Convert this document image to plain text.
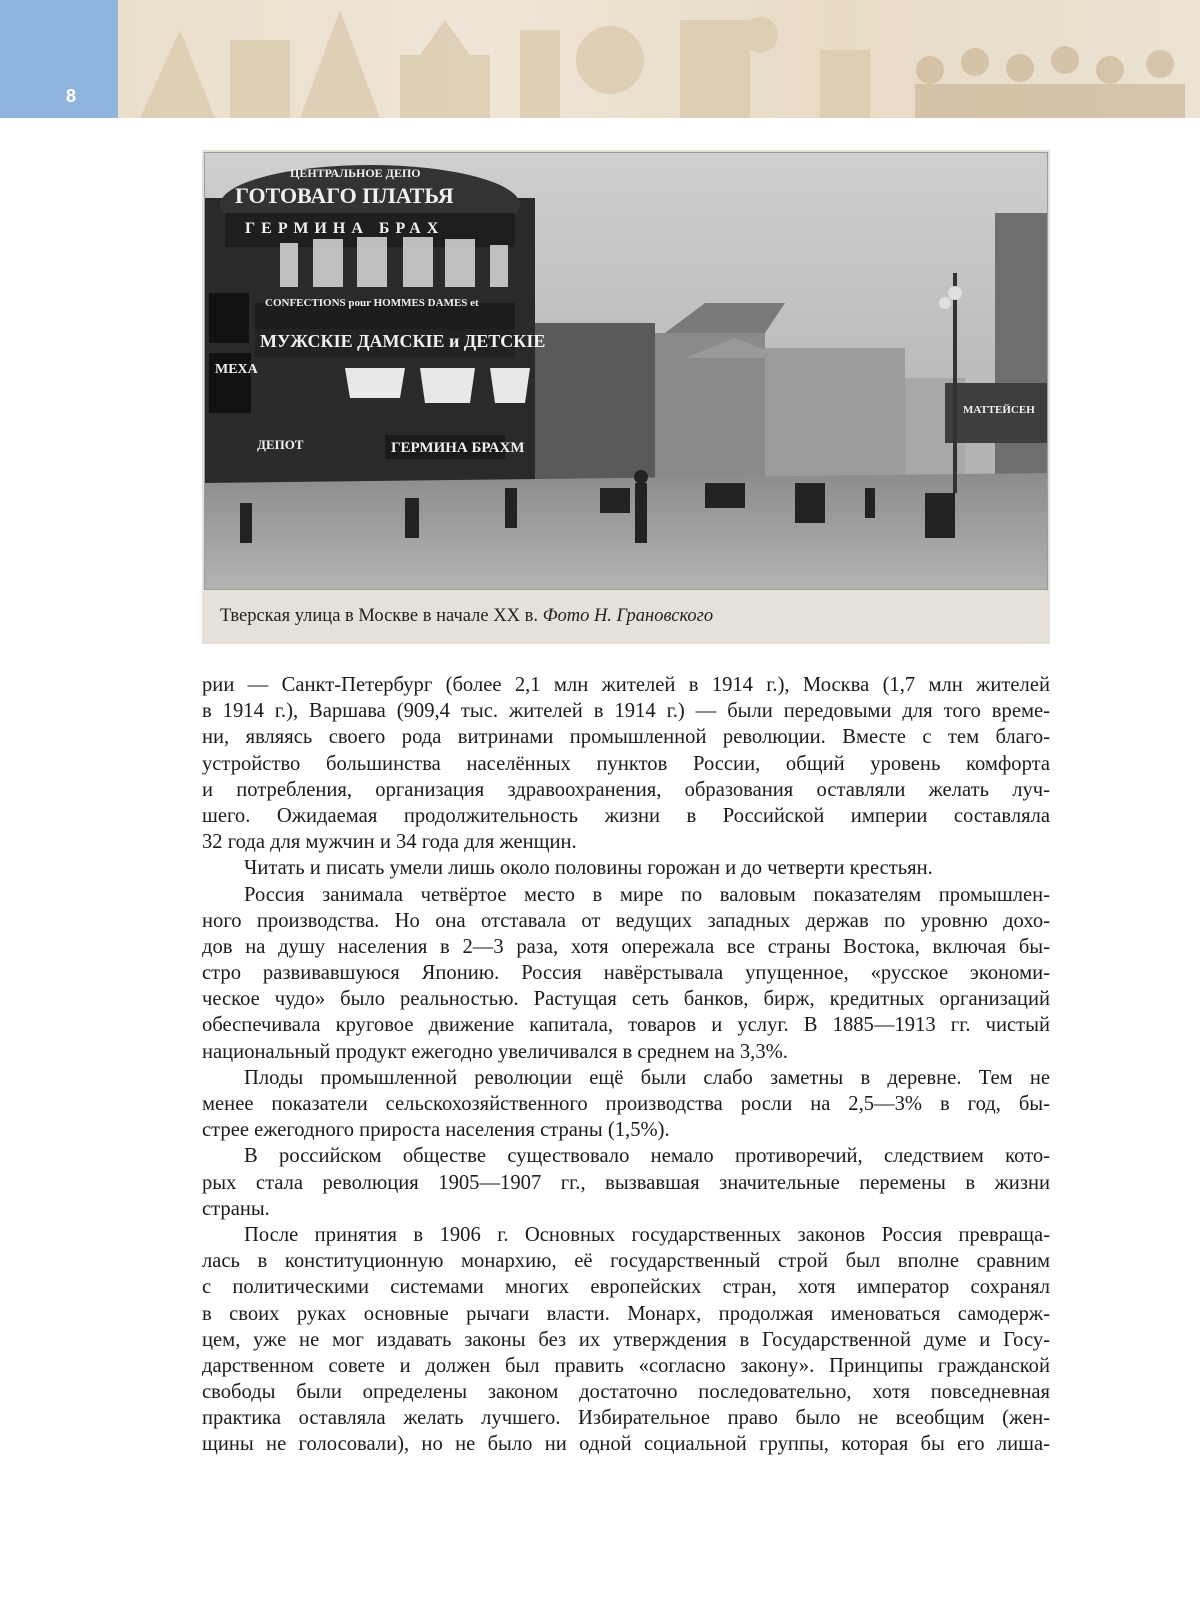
8
ЦЕНТРАЛЬНОЕ ДЕПО
ГОТОВАГО ПЛАТЬЯ
ГЕРМИНА БРАХ
CONFECTIONS pour HOMMES DAMES et
МУЖСКIЕ ДАМСКIЕ и ДЕТСКIЕ
МЕХА
ГЕРМИНА БРАХМ
ДЕПОТ
МАТТЕЙСЕН
Тверская улица в Москве в начале XX в. Фото Н. Грановского
рии — Санкт-Петербург (более 2,1 млн жителей в 1914 г.), Москва (1,7 млн жителей
в 1914 г.), Варшава (909,4 тыс. жителей в 1914 г.) — были передовыми для того време-
ни, являясь своего рода витринами промышленной революции. Вместе с тем благо-
устройство большинства населённых пунктов России, общий уровень комфорта
и потребления, организация здравоохранения, образования оставляли желать луч-
шего. Ожидаемая продолжительность жизни в Российской империи составляла
32 года для мужчин и 34 года для женщин.
Читать и писать умели лишь около половины горожан и до четверти крестьян.
Россия занимала четвёртое место в мире по валовым показателям промышлен-
ного производства. Но она отставала от ведущих западных держав по уровню дохо-
дов на душу населения в 2—3 раза, хотя опережала все страны Востока, включая бы-
стро развивавшуюся Японию. Россия навёрстывала упущенное, «русское экономи-
ческое чудо» было реальностью. Растущая сеть банков, бирж, кредитных организаций
обеспечивала круговое движение капитала, товаров и услуг. В 1885—1913 гг. чистый
национальный продукт ежегодно увеличивался в среднем на 3,3%.
Плоды промышленной революции ещё были слабо заметны в деревне. Тем не
менее показатели сельскохозяйственного производства росли на 2,5—3% в год, бы-
стрее ежегодного прироста населения страны (1,5%).
В российском обществе существовало немало противоречий, следствием кото-
рых стала революция 1905—1907 гг., вызвавшая значительные перемены в жизни
страны.
После принятия в 1906 г. Основных государственных законов Россия превраща-
лась в конституционную монархию, её государственный строй был вполне сравним
с политическими системами многих европейских стран, хотя император сохранял
в своих руках основные рычаги власти. Монарх, продолжая именоваться самодерж-
цем, уже не мог издавать законы без их утверждения в Государственной думе и Госу-
дарственном совете и должен был править «согласно закону». Принципы гражданской
свободы были определены законом достаточно последовательно, хотя повседневная
практика оставляла желать лучшего. Избирательное право было не всеобщим (жен-
щины не голосовали), но не было ни одной социальной группы, которая бы его лиша-
